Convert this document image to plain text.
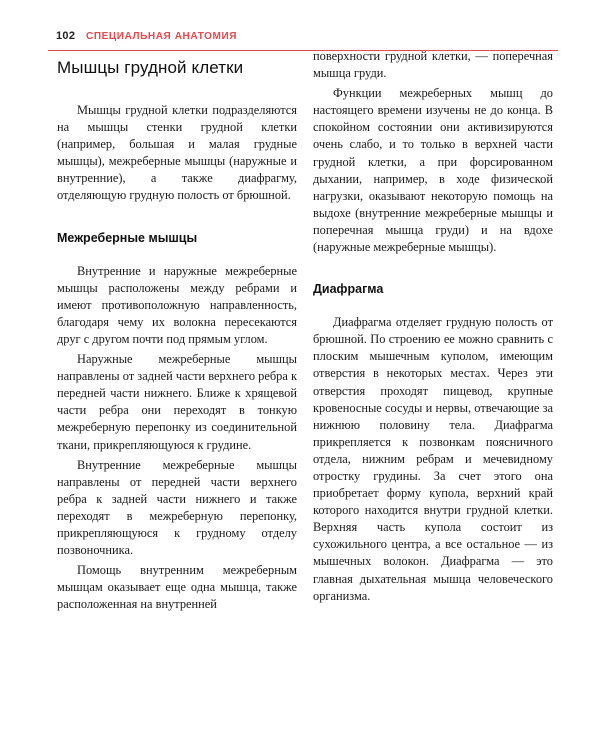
102 СПЕЦИАЛЬНАЯ АНАТОМИЯ
Мышцы грудной клетки

Мышцы грудной клетки подразделяются на мышцы стенки грудной клетки (например, большая и малая грудные мышцы), межреберные мышцы (наружные и внутренние), а также диафрагму, отделяющую грудную полость от брюшной.

Межреберные мышцы

Внутренние и наружные межреберные мышцы расположены между ребрами и имеют противоположную направленность, благодаря чему их волокна пересекаются друг с другом почти под прямым углом.

Наружные межреберные мышцы направлены от задней части верхнего ребра к передней части нижнего. Ближе к хрящевой части ребра они переходят в тонкую межреберную перепонку из соединительной ткани, прикрепляющуюся к грудине.

Внутренние межреберные мышцы направлены от передней части верхнего ребра к задней части нижнего и также переходят в межреберную перепонку, прикрепляющуюся к грудному отделу позвоночника.

Помощь внутренним межреберным мышцам оказывает еще одна мышца, также расположенная на внутренней

поверхности грудной клетки, — поперечная мышца груди.

Функции межреберных мышц до настоящего времени изучены не до конца. В спокойном состоянии они активизируются очень слабо, и то только в верхней части грудной клетки, а при форсированном дыхании, например, в ходе физической нагрузки, оказывают некоторую помощь на выдохе (внутренние межреберные мышцы и поперечная мышца груди) и на вдохе (наружные межреберные мышцы).

Диафрагма

Диафрагма отделяет грудную полость от брюшной. По строению ее можно сравнить с плоским мышечным куполом, имеющим отверстия в некоторых местах. Через эти отверстия проходят пищевод, крупные кровеносные сосуды и нервы, отвечающие за нижнюю половину тела. Диафрагма прикрепляется к позвонкам поясничного отдела, нижним ребрам и мечевидному отростку грудины. За счет этого она приобретает форму купола, верхний край которого находится внутри грудной клетки. Верхняя часть купола состоит из сухожильного центра, а все остальное — из мышечных волокон. Диафрагма — это главная дыхательная мышца человеческого организма.
